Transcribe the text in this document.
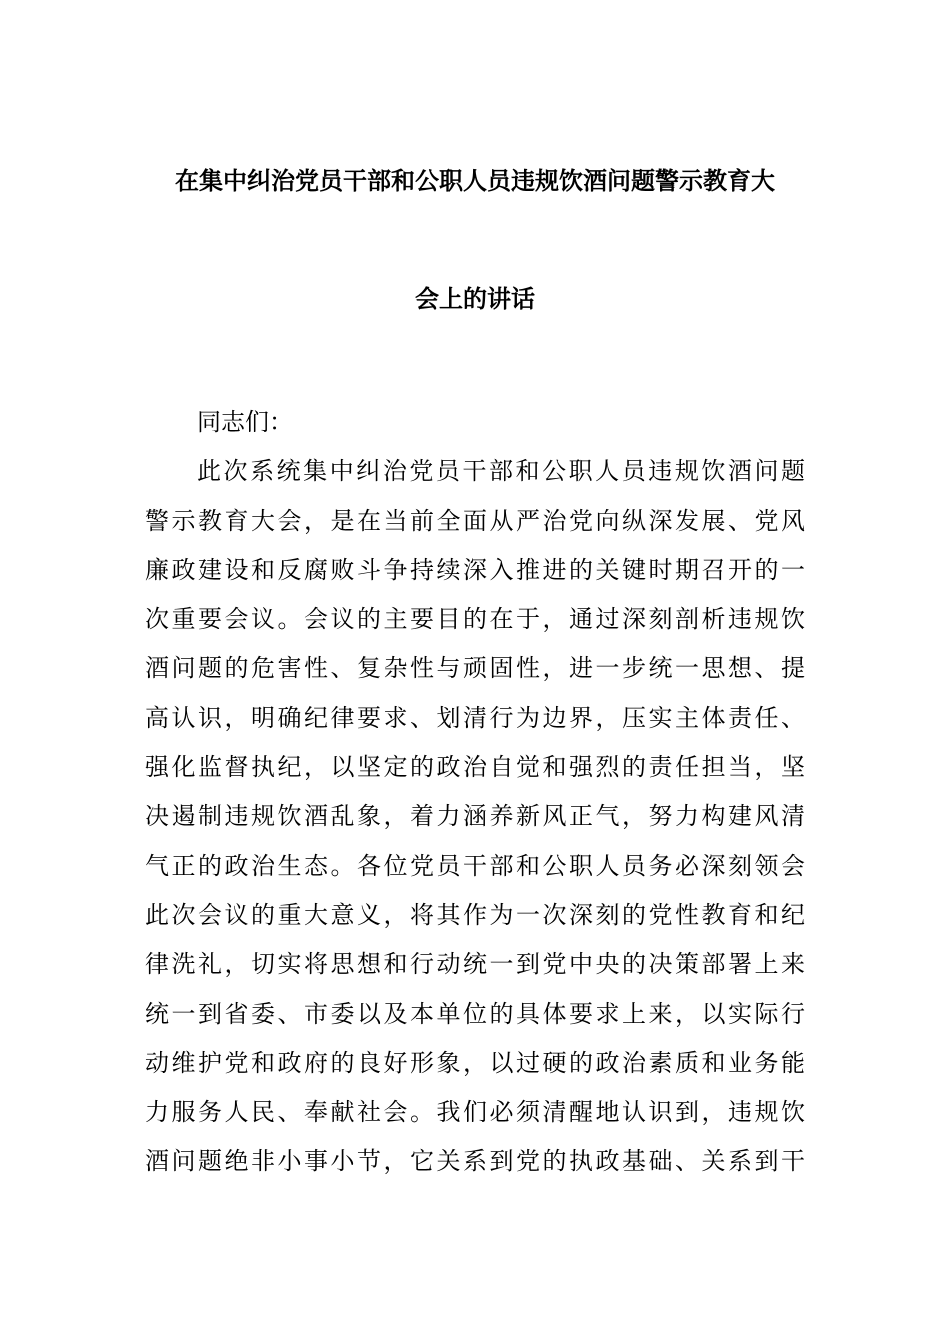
在集中纠治党员干部和公职人员违规饮酒问题警示教育大
会上的讲话
同志们：
此次系统集中纠治党员干部和公职人员违规饮酒问题
警示教育大会，是在当前全面从严治党向纵深发展、党风
廉政建设和反腐败斗争持续深入推进的关键时期召开的一
次重要会议。会议的主要目的在于，通过深刻剖析违规饮
酒问题的危害性、复杂性与顽固性，进一步统一思想、提
高认识，明确纪律要求、划清行为边界，压实主体责任、
强化监督执纪，以坚定的政治自觉和强烈的责任担当，坚
决遏制违规饮酒乱象，着力涵养新风正气，努力构建风清
气正的政治生态。各位党员干部和公职人员务必深刻领会
此次会议的重大意义，将其作为一次深刻的党性教育和纪
律洗礼，切实将思想和行动统一到党中央的决策部署上来
统一到省委、市委以及本单位的具体要求上来，以实际行
动维护党和政府的良好形象，以过硬的政治素质和业务能
力服务人民、奉献社会。我们必须清醒地认识到，违规饮
酒问题绝非小事小节，它关系到党的执政基础、关系到干
